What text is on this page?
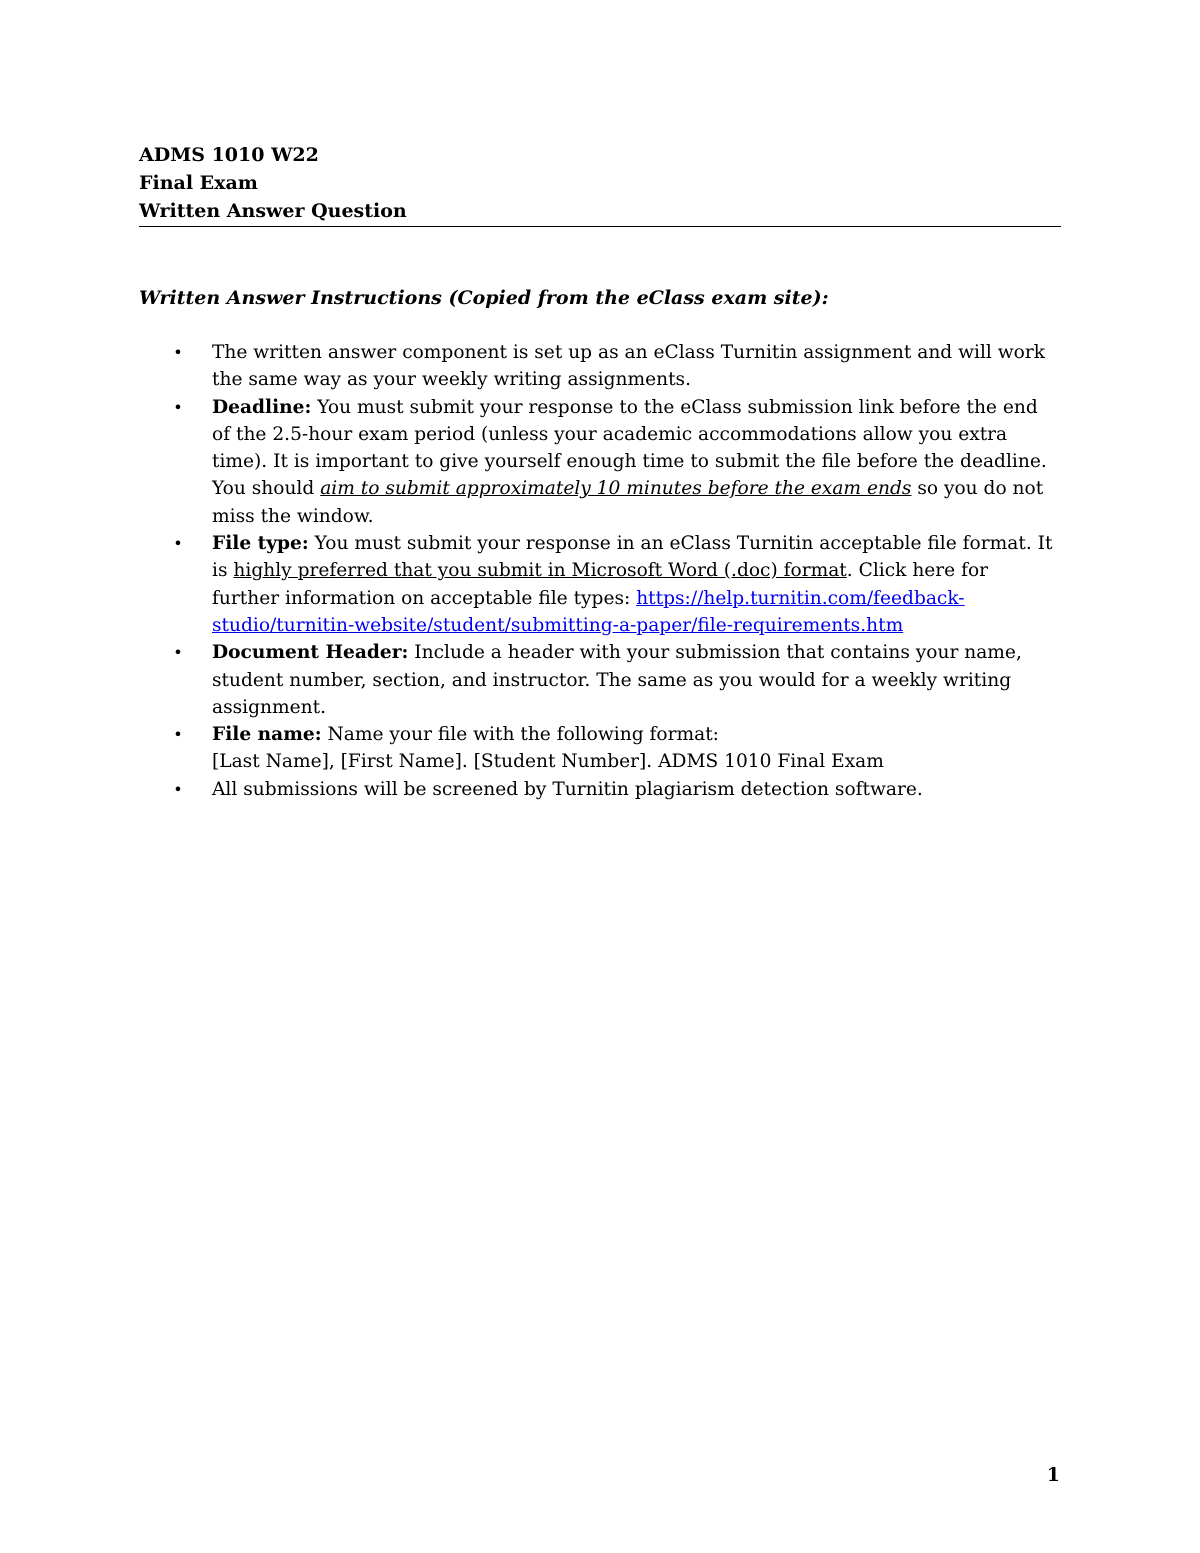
ADMS 1010 W22
Final Exam
Written Answer Question
Written Answer Instructions (Copied from the eClass exam site):
• The written answer component is set up as an eClass Turnitin assignment and will work the same way as your weekly writing assignments.
• Deadline: You must submit your response to the eClass submission link before the end of the 2.5-hour exam period (unless your academic accommodations allow you extra time). It is important to give yourself enough time to submit the file before the deadline. You should aim to submit approximately 10 minutes before the exam ends so you do not miss the window.
• File type: You must submit your response in an eClass Turnitin acceptable file format. It is highly preferred that you submit in Microsoft Word (.doc) format. Click here for further information on acceptable file types: https://help.turnitin.com/feedback-studio/turnitin-website/student/submitting-a-paper/file-requirements.htm
• Document Header: Include a header with your submission that contains your name, student number, section, and instructor. The same as you would for a weekly writing assignment.
• File name: Name your file with the following format:
[Last Name], [First Name]. [Student Number]. ADMS 1010 Final Exam
• All submissions will be screened by Turnitin plagiarism detection software.
1
